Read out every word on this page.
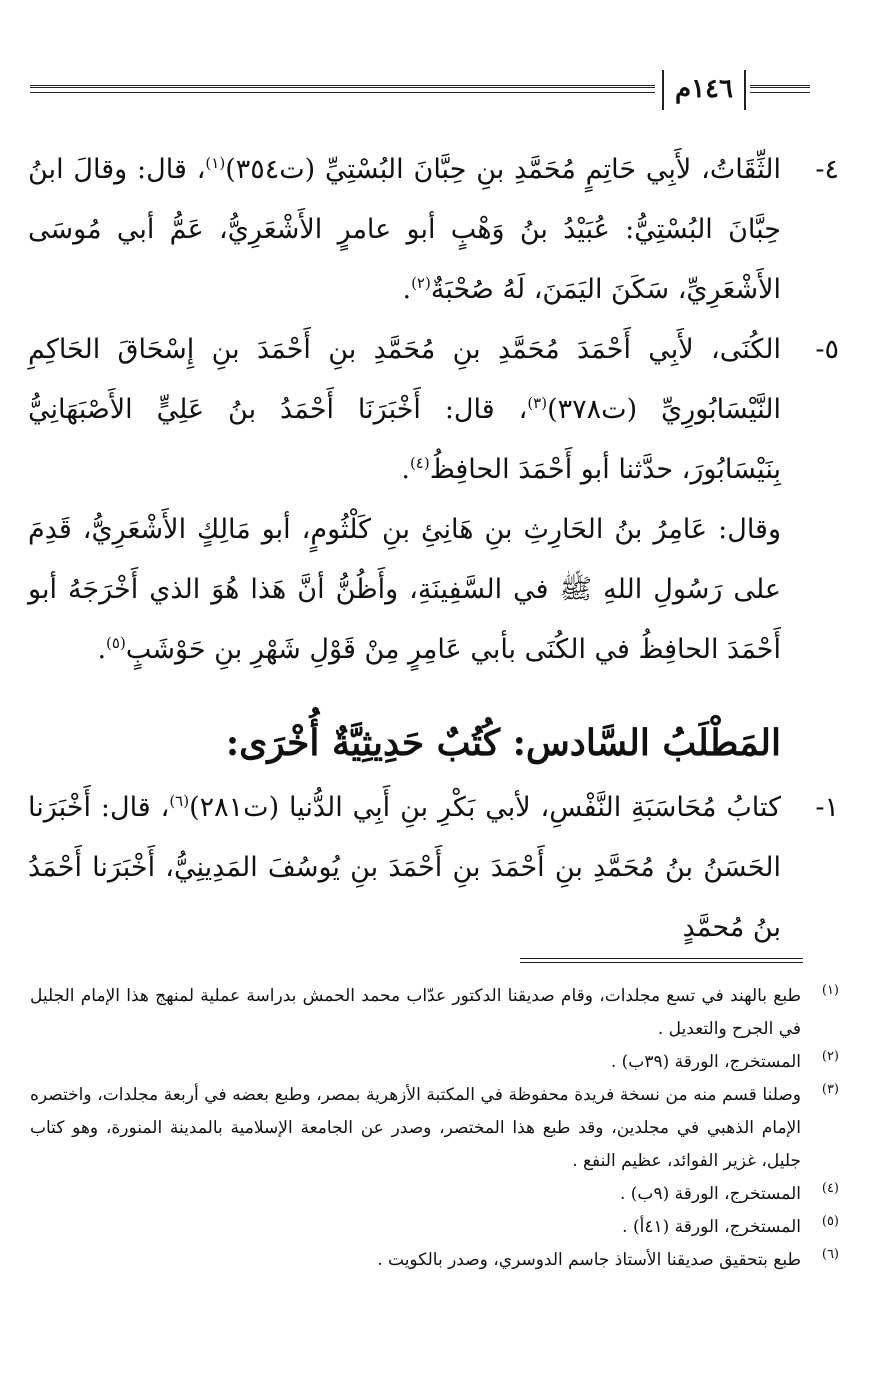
١٤٦م

٤-
الثِّقَاتُ، لأَبِي حَاتِمٍ مُحَمَّدِ بنِ حِبَّانَ البُسْتِيِّ (ت٣٥٤)$^{(١)}$، قال: وقالَ ابنُ حِبَّانَ البُسْتِيُّ: عُبَيْدُ بنُ وَهْبٍ أبو عامرٍ الأَشْعَرِيُّ، عَمُّ أبي مُوسَى الأَشْعَرِيِّ، سَكَنَ اليَمَنَ، لَهُ صُحْبَةٌ$^{(٢)}$.

٥-
الكُنَى، لأَبِي أَحْمَدَ مُحَمَّدِ بنِ مُحَمَّدِ بنِ أَحْمَدَ بنِ إِسْحَاقَ الحَاكِمِ النَّيْسَابُورِيِّ (ت٣٧٨)$^{(٣)}$، قال: أَخْبَرَنَا أَحْمَدُ بنُ عَلِيٍّ الأَصْبَهَانِيُّ بِنَيْسَابُورَ، حدَّثنا أبو أَحْمَدَ الحافِظُ$^{(٤)}$.

وقال: عَامِرُ بنُ الحَارِثِ بنِ هَانِئِ بنِ كَلْثُومٍ، أبو مَالِكٍ الأَشْعَرِيُّ، قَدِمَ على رَسُولِ اللهِ ﷺ في السَّفِينَةِ، وأَظُنُّ أنَّ هَذا هُوَ الذي أَخْرَجَهُ أبو أَحْمَدَ الحافِظُ في الكُنَى بأبي عَامِرٍ مِنْ قَوْلِ شَهْرِ بنِ حَوْشَبٍ$^{(٥)}$.

المَطْلَبُ السَّادس: كُتُبٌ حَدِيثِيَّةٌ أُخْرَى:

١-
كتابُ مُحَاسَبَةِ النَّفْسِ، لأبي بَكْرِ بنِ أَبِي الدُّنيا (ت٢٨١)$^{(٦)}$، قال: أَخْبَرَنا الحَسَنُ بنُ مُحَمَّدِ بنِ أَحْمَدَ بنِ أَحْمَدَ بنِ يُوسُفَ المَدِينِيُّ، أَخْبَرَنا أَحْمَدُ بنُ مُحمَّدٍ

(١)
طبع بالهند في تسع مجلدات، وقام صديقنا الدكتور عدّاب محمد الحمش بدراسة عملية لمنهج هذا الإمام الجليل في الجرح والتعديل .

(٢)
المستخرج، الورقة (٣٩ب) .

(٣)
وصلنا قسم منه من نسخة فريدة محفوظة في المكتبة الأزهرية بمصر، وطبع بعضه في أربعة مجلدات، واختصره الإمام الذهبي في مجلدين، وقد طبع هذا المختصر، وصدر عن الجامعة الإسلامية بالمدينة المنورة، وهو كتاب جليل، غزير الفوائد، عظيم النفع .

(٤)
المستخرج، الورقة (٩ب) .

(٥)
المستخرج، الورقة (٤١أ) .

(٦)
طبع بتحقيق صديقنا الأستاذ جاسم الدوسري، وصدر بالكويت .
